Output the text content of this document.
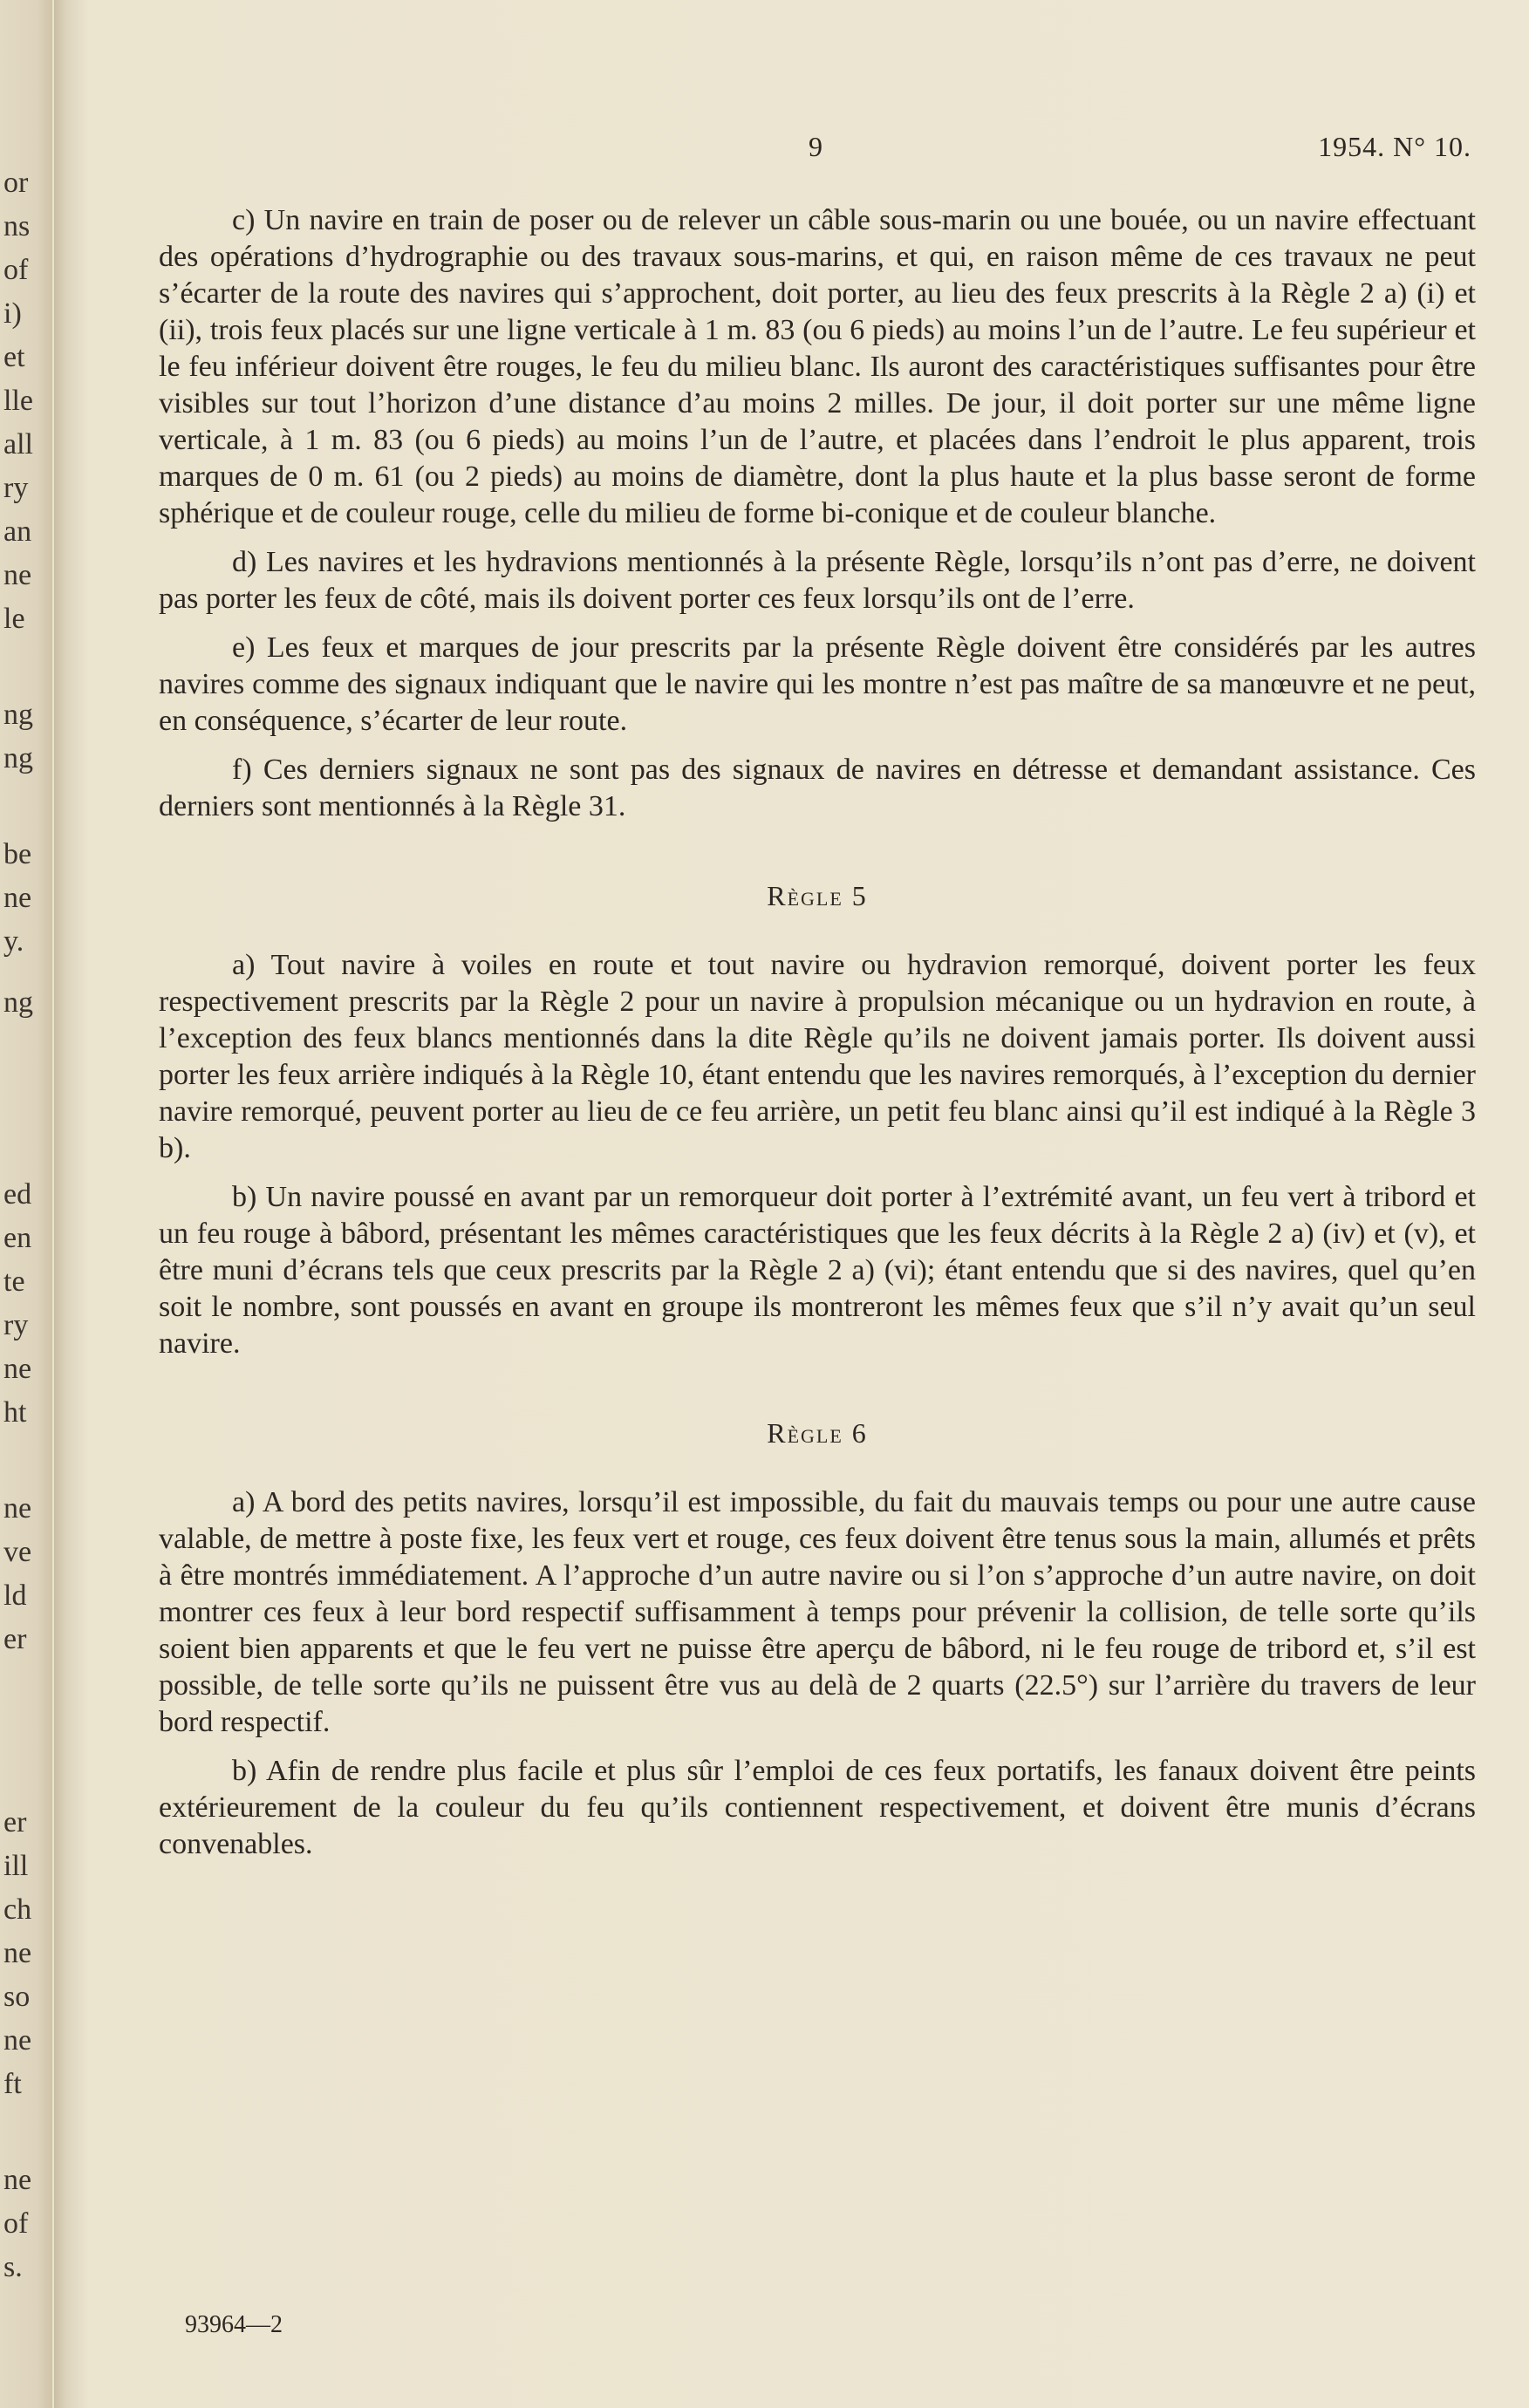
or
ns
of
i)
et
lle
all
ry
an
ne
le
ng
ng
be
ne
y.
ng
ed
en
te
ry
ne
ht
ne
ve
ld
er
er
ill
ch
ne
so
ne
ft
ne
of
s.
9	1954. N° 10.

c) Un navire en train de poser ou de relever un câble sous-marin ou une bouée, ou un navire effectuant des opérations d’hydrographie ou des travaux sous-marins, et qui, en raison même de ces travaux ne peut s’écarter de la route des navires qui s’approchent, doit porter, au lieu des feux prescrits à la Règle 2 a) (i) et (ii), trois feux placés sur une ligne verticale à 1 m. 83 (ou 6 pieds) au moins l’un de l’autre. Le feu supérieur et le feu inférieur doivent être rouges, le feu du milieu blanc. Ils auront des caractéristiques suffisantes pour être visibles sur tout l’horizon d’une distance d’au moins 2 milles. De jour, il doit porter sur une même ligne verticale, à 1 m. 83 (ou 6 pieds) au moins l’un de l’autre, et placées dans l’endroit le plus apparent, trois marques de 0 m. 61 (ou 2 pieds) au moins de diamètre, dont la plus haute et la plus basse seront de forme sphérique et de couleur rouge, celle du milieu de forme bi-conique et de couleur blanche.

d) Les navires et les hydravions mentionnés à la présente Règle, lorsqu’ils n’ont pas d’erre, ne doivent pas porter les feux de côté, mais ils doivent porter ces feux lorsqu’ils ont de l’erre.

e) Les feux et marques de jour prescrits par la présente Règle doivent être considérés par les autres navires comme des signaux indiquant que le navire qui les montre n’est pas maître de sa manœuvre et ne peut, en conséquence, s’écarter de leur route.

f) Ces derniers signaux ne sont pas des signaux de navires en détresse et demandant assistance. Ces derniers sont mentionnés à la Règle 31.

Règle 5

a) Tout navire à voiles en route et tout navire ou hydravion remorqué, doivent porter les feux respectivement prescrits par la Règle 2 pour un navire à propulsion mécanique ou un hydravion en route, à l’exception des feux blancs mentionnés dans la dite Règle qu’ils ne doivent jamais porter. Ils doivent aussi porter les feux arrière indiqués à la Règle 10, étant entendu que les navires remorqués, à l’exception du dernier navire remorqué, peuvent porter au lieu de ce feu arrière, un petit feu blanc ainsi qu’il est indiqué à la Règle 3 b).

b) Un navire poussé en avant par un remorqueur doit porter à l’extrémité avant, un feu vert à tribord et un feu rouge à bâbord, présentant les mêmes caractéristiques que les feux décrits à la Règle 2 a) (iv) et (v), et être muni d’écrans tels que ceux prescrits par la Règle 2 a) (vi); étant entendu que si des navires, quel qu’en soit le nombre, sont poussés en avant en groupe ils montreront les mêmes feux que s’il n’y avait qu’un seul navire.

Règle 6

a) A bord des petits navires, lorsqu’il est impossible, du fait du mauvais temps ou pour une autre cause valable, de mettre à poste fixe, les feux vert et rouge, ces feux doivent être tenus sous la main, allumés et prêts à être montrés immédiatement. A l’approche d’un autre navire ou si l’on s’approche d’un autre navire, on doit montrer ces feux à leur bord respectif suffisamment à temps pour prévenir la collision, de telle sorte qu’ils soient bien apparents et que le feu vert ne puisse être aperçu de bâbord, ni le feu rouge de tribord et, s’il est possible, de telle sorte qu’ils ne puissent être vus au delà de 2 quarts (22.5°) sur l’arrière du travers de leur bord respectif.

b) Afin de rendre plus facile et plus sûr l’emploi de ces feux portatifs, les fanaux doivent être peints extérieurement de la couleur du feu qu’ils contiennent respectivement, et doivent être munis d’écrans convenables.

93964—2
